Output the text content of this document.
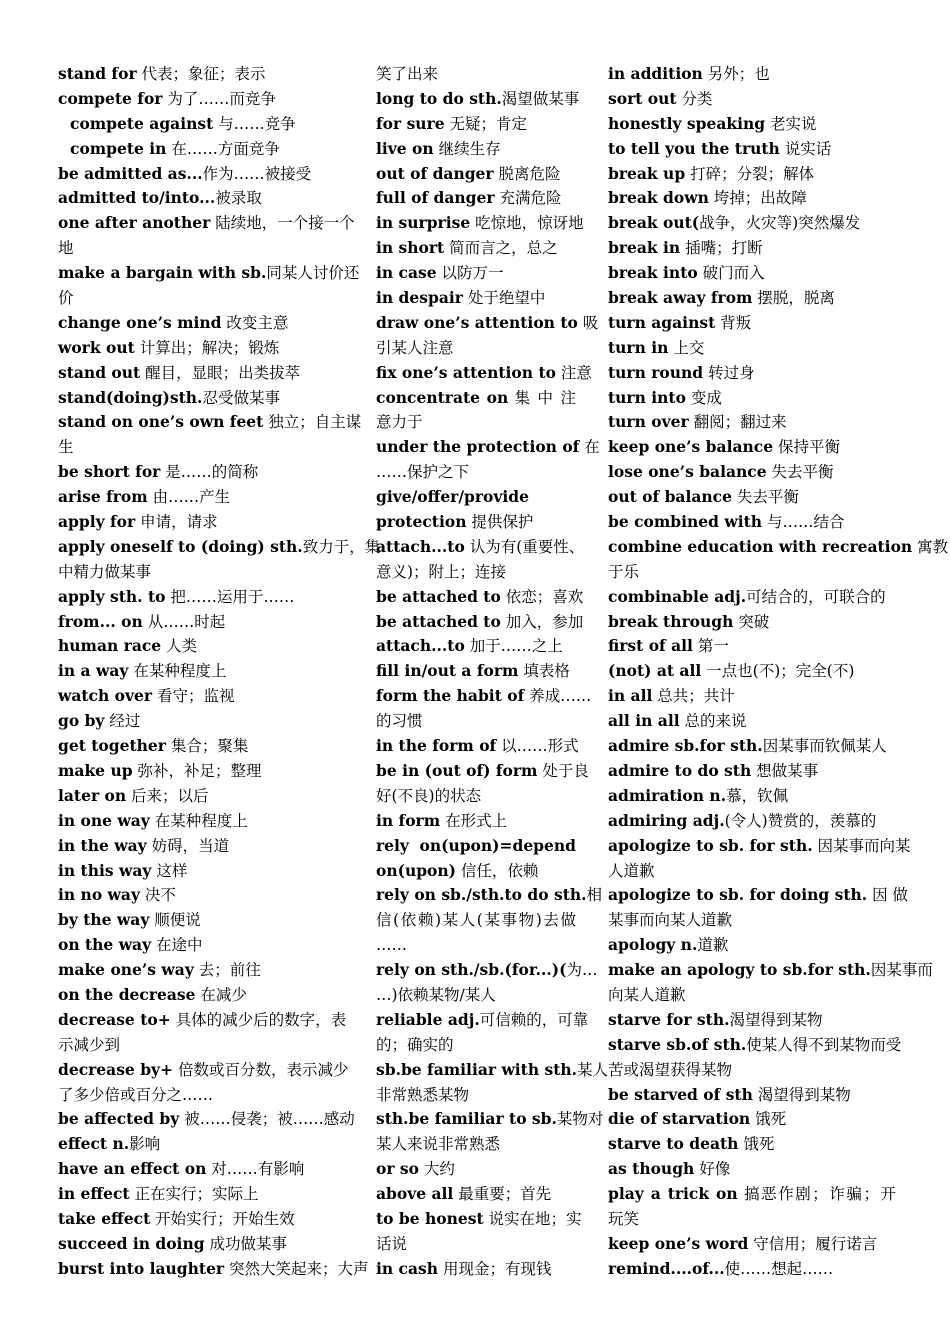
stand for 代表；象征；表示
compete for 为了……而竞争
compete against 与……竞争
compete in 在……方面竞争
be admitted as...作为……被接受
admitted to/into...被录取
one after another 陆续地，一个接一个
地
make a bargain with sb.同某人讨价还
价
change one’s mind 改变主意
work out 计算出；解决；锻炼
stand out 醒目，显眼；出类拔萃
stand(doing)sth.忍受做某事
stand on one’s own feet 独立；自主谋
生
be short for 是……的简称
arise from 由……产生
apply for 申请，请求
apply oneself to (doing) sth.致力于，集
中精力做某事
apply sth. to 把……运用于……
from... on 从……时起
human race 人类
in a way 在某种程度上
watch over 看守；监视
go by 经过
get together 集合；聚集
make up 弥补，补足；整理
later on 后来；以后
in one way 在某种程度上
in the way 妨碍，当道
in this way 这样
in no way 决不
by the way 顺便说
on the way 在途中
make one’s way 去；前往
on the decrease 在减少
decrease to+ 具体的减少后的数字，表
示减少到
decrease by+ 倍数或百分数，表示减少
了多少倍或百分之……
be affected by 被……侵袭；被……感动
effect n.影响
have an effect on 对……有影响
in effect 正在实行；实际上
take effect 开始实行；开始生效
succeed in doing 成功做某事
burst into laughter 突然大笑起来；大声
笑了出来
long to do sth.渴望做某事
for sure 无疑；肯定
live on 继续生存
out of danger 脱离危险
full of danger 充满危险
in surprise 吃惊地，惊讶地
in short 简而言之，总之
in case 以防万一
in despair 处于绝望中
draw one’s attention to 吸
引某人注意
fix one’s attention to 注意
concentrate on 集 中 注
意力于
under the protection of 在
……保护之下
give/offer/provide
protection 提供保护
attach...to 认为有(重要性、
意义)；附上；连接
be attached to 依恋；喜欢
be attached to 加入，参加
attach...to 加于……之上
fill in/out a form 填表格
form the habit of 养成……
的习惯
in the form of 以……形式
be in (out of) form 处于良
好(不良)的状态
in form 在形式上
rely on(upon)=depend
on(upon) 信任，依赖
rely on sb./sth.to do sth.相
信(依赖)某人(某事物)去做
……
rely on sth./sb.(for...)(为…
…)依赖某物/某人
reliable adj.可信赖的，可靠
的；确实的
sb.be familiar with sth.某人
非常熟悉某物
sth.be familiar to sb.某物对
某人来说非常熟悉
or so 大约
above all 最重要；首先
to be honest 说实在地；实
话说
in cash 用现金；有现钱
in addition 另外；也
sort out 分类
honestly speaking 老实说
to tell you the truth 说实话
break up 打碎；分裂；解体
break down 垮掉；出故障
break out(战争，火灾等)突然爆发
break in 插嘴；打断
break into 破门而入
break away from 摆脱，脱离
turn against 背叛
turn in 上交
turn round 转过身
turn into 变成
turn over 翻阅；翻过来
keep one’s balance 保持平衡
lose one’s balance 失去平衡
out of balance 失去平衡
be combined with 与……结合
combine education with recreation 寓教
于乐
combinable adj.可结合的，可联合的
break through 突破
first of all 第一
(not) at all 一点也(不)；完全(不)
in all 总共；共计
all in all 总的来说
admire sb.for sth.因某事而钦佩某人
admire to do sth 想做某事
admiration n.慕，钦佩
admiring adj.(令人)赞赏的，羡慕的
apologize to sb. for sth. 因某事而向某
人道歉
apologize to sb. for doing sth. 因 做
某事而向某人道歉
apology n.道歉
make an apology to sb.for sth.因某事而
向某人道歉
starve for sth.渴望得到某物
starve sb.of sth.使某人得不到某物而受
苦或渴望获得某物
be starved of sth 渴望得到某物
die of starvation 饿死
starve to death 饿死
as though 好像
play a trick on 搞恶作剧；诈骗；开
玩笑
keep one’s word 守信用；履行诺言
remind....of...使……想起……
